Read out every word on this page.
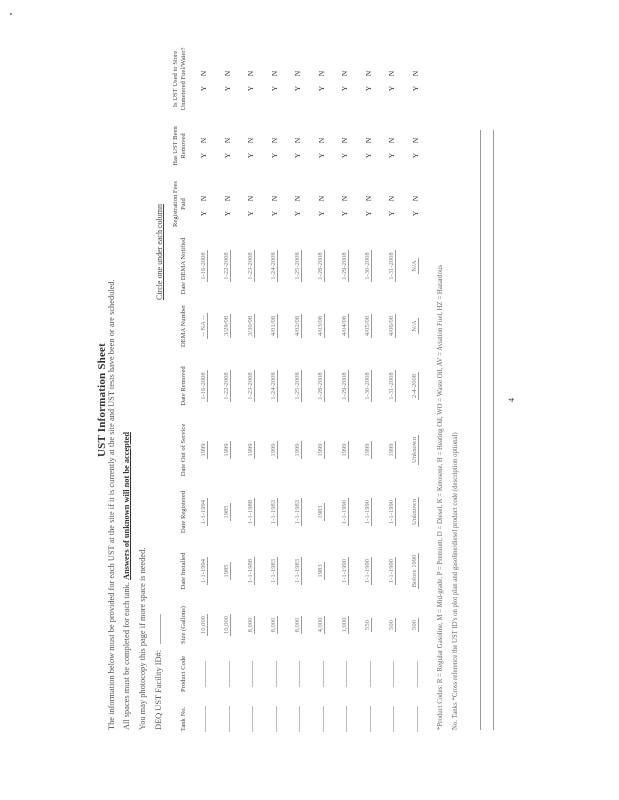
UST Information Sheet The information below must be provided for each UST at the site if it is currently at the site and UST tests have been or are scheduled. All spaces must be completed for each tank. Answers of unknown will not be accepted
You may photocopy this page if more space is needed. DEQ UST Facility ID#:
Circle one under each column
Tank No.	Product Code	Size (Gallons)	Date Installed	Date Registered	Date Out of Service	Date Removed	DEMA Number	Date DEMA Notified	Registration Fees Paid	Has UST Been Removed	Is UST Used to Store Unmetered Fuel/Water?
		10,000	1-1-1994	1-1-1994	1999	1-16-2008	-- NA --	1-16-2008	Y N	Y N	Y N
		10,000	1985	1985	1999	1-22-2008	3/29/08	1-22-2008	Y N	Y N	Y N
		8,000	1-1-1988	1-1-1988	1999	1-23-2008	3/30/08	1-23-2008	Y N	Y N	Y N
		8,000	1-1-1983	1-1-1983	1999	1-24-2008	4/01/08	1-24-2008	Y N	Y N	Y N
		8,000	1-1-1983	1-1-1983	1999	1-25-2008	4/02/08	1-25-2008	Y N	Y N	Y N
		4,000	1983	1983	1999	1-28-2008	4/03/08	1-28-2008	Y N	Y N	Y N
		1,000	1-1-1990	1-1-1990	1999	1-29-2008	4/04/08	1-29-2008	Y N	Y N	Y N
		550	1-1-1990	1-1-1990	1999	1-30-2008	4/05/08	1-30-2008	Y N	Y N	Y N
		500	1-1-1990	1-1-1990	1999	1-31-2008	4/06/08	1-31-2008	Y N	Y N	Y N
		500	Before 1990	Unknown	Unknown	2-4-2008	N/A	N/A	Y N	Y N	Y N
*Product Codes: R = Regular Gasoline, M = Mid-grade, P = Premium, D = Diesel, K = Kerosene, H = Heating Oil, WO = Waste Oil, AV = Aviation Fuel, HZ = Hazardous No. Tanks *Cross reference the UST ID's on plot plan and gasoline/diesel product code (description optional)
4
